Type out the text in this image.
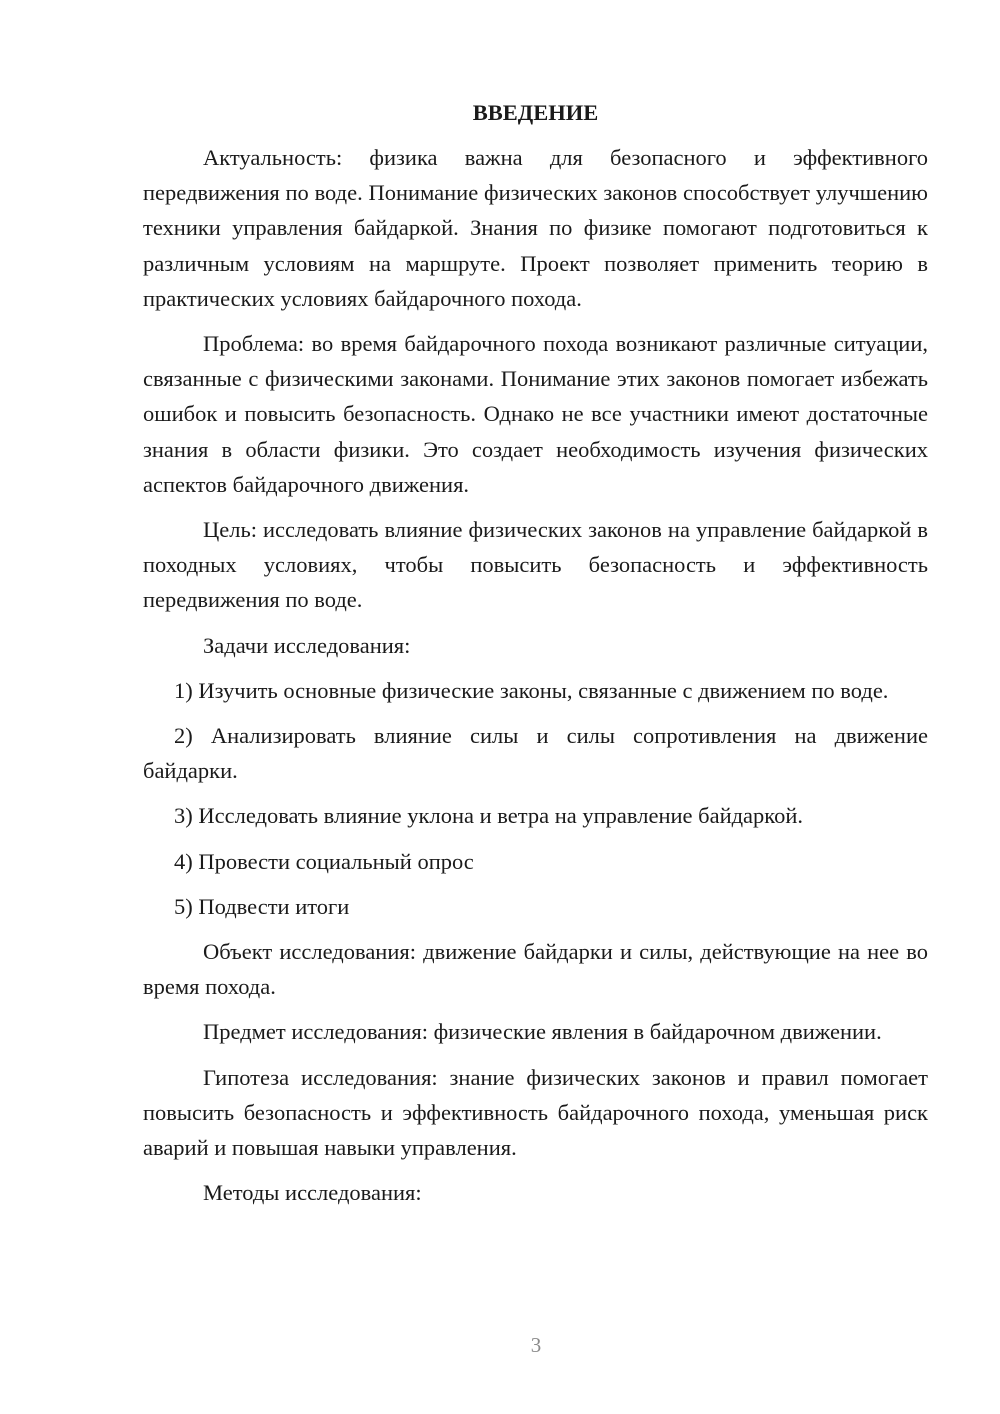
ВВЕДЕНИЕ

Актуальность: физика важна для безопасного и эффективного передвижения по воде. Понимание физических законов способствует улучшению техники управления байдаркой. Знания по физике помогают подготовиться к различным условиям на маршруте. Проект позволяет применить теорию в практических условиях байдарочного похода.

Проблема: во время байдарочного похода возникают различные ситуации, связанные с физическими законами. Понимание этих законов помогает избежать ошибок и повысить безопасность. Однако не все участники имеют достаточные знания в области физики. Это создает необходимость изучения физических аспектов байдарочного движения.

Цель: исследовать влияние физических законов на управление байдаркой в походных условиях, чтобы повысить безопасность и эффективность передвижения по воде.

Задачи исследования:

1) Изучить основные физические законы, связанные с движением по воде.

2) Анализировать влияние силы и силы сопротивления на движение байдарки.

3) Исследовать влияние уклона и ветра на управление байдаркой.

4) Провести социальный опрос

5) Подвести итоги

Объект исследования: движение байдарки и силы, действующие на нее во время похода.

Предмет исследования: физические явления в байдарочном движении.

Гипотеза исследования: знание физических законов и правил помогает повысить безопасность и эффективность байдарочного похода, уменьшая риск аварий и повышая навыки управления.

Методы исследования:

3
